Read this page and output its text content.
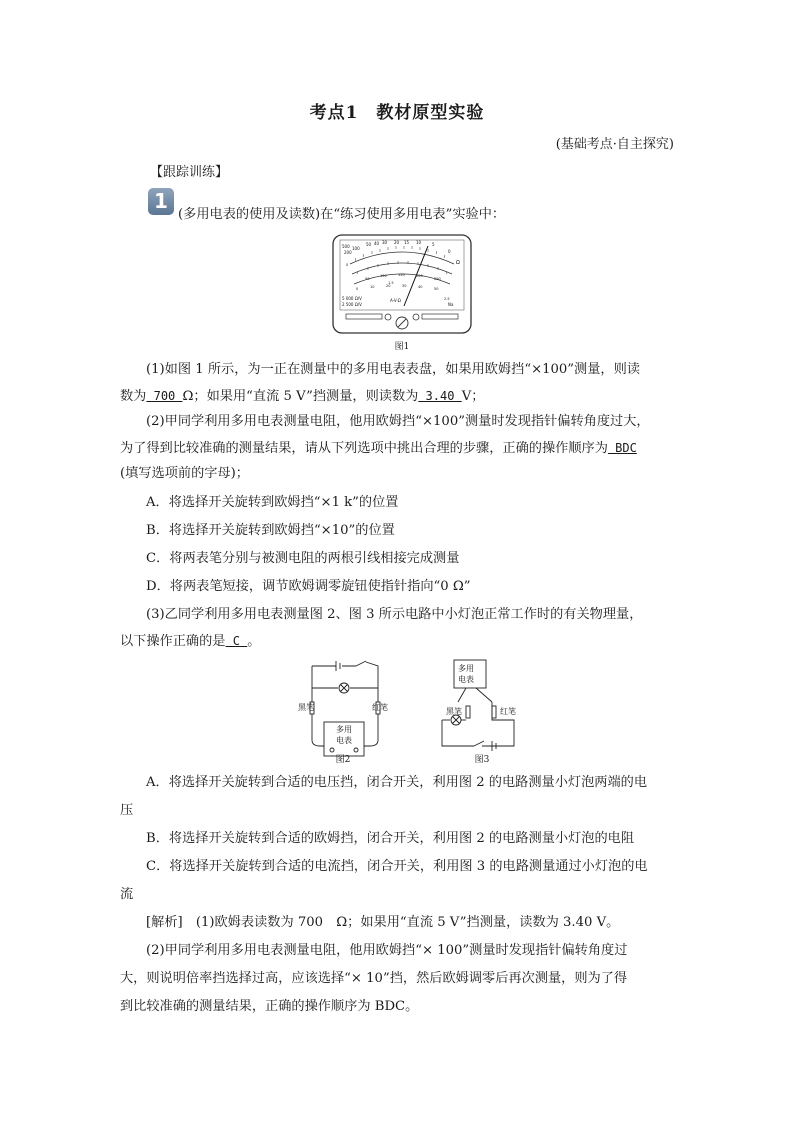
考点1　教材原型实验
(基础考点·自主探究)
【跟踪训练】
1
(多用电表的使用及读数)在“练习使用多用电表”实验中：
500
200
100
50 40 30 20 15 10	5
0
Ω
0
50
100	150	200
250
0	10	20	30	40	50
1.5
2.5
5 000 Ω/V
2 500 Ω/V
A-V-Ω
Na
图1
(1)如图 1 所示，为一正在测量中的多用电表表盘，如果用欧姆挡“×100”测量，则读
数为 700 Ω；如果用“直流 5 V”挡测量，则读数为 3.40 V；
(2)甲同学利用多用电表测量电阻，他用欧姆挡“×100”测量时发现指针偏转角度过大，
为了得到比较准确的测量结果，请从下列选项中挑出合理的步骤，正确的操作顺序为 BDC
(填写选项前的字母)；
A．将选择开关旋转到欧姆挡“×1 k”的位置
B．将选择开关旋转到欧姆挡“×10”的位置
C．将两表笔分别与被测电阻的两根引线相接完成测量
D．将两表笔短接，调节欧姆调零旋钮使指针指向“0 Ω”
(3)乙同学利用多用电表测量图 2、图 3 所示电路中小灯泡正常工作时的有关物理量，
以下操作正确的是 C 。
黑笔	红笔
多用
电表
图2
多用
电表
黑笔	红笔
图3
A．将选择开关旋转到合适的电压挡，闭合开关，利用图 2 的电路测量小灯泡两端的电
压
B．将选择开关旋转到合适的欧姆挡，闭合开关，利用图 2 的电路测量小灯泡的电阻
C．将选择开关旋转到合适的电流挡，闭合开关，利用图 3 的电路测量通过小灯泡的电
流
[解析]　(1)欧姆表读数为 700　Ω；如果用“直流 5 V”挡测量，读数为 3.40 V。
(2)甲同学利用多用电表测量电阻，他用欧姆挡“× 100”测量时发现指针偏转角度过
大，则说明倍率挡选择过高，应该选择“× 10”挡，然后欧姆调零后再次测量，则为了得
到比较准确的测量结果，正确的操作顺序为 BDC。
